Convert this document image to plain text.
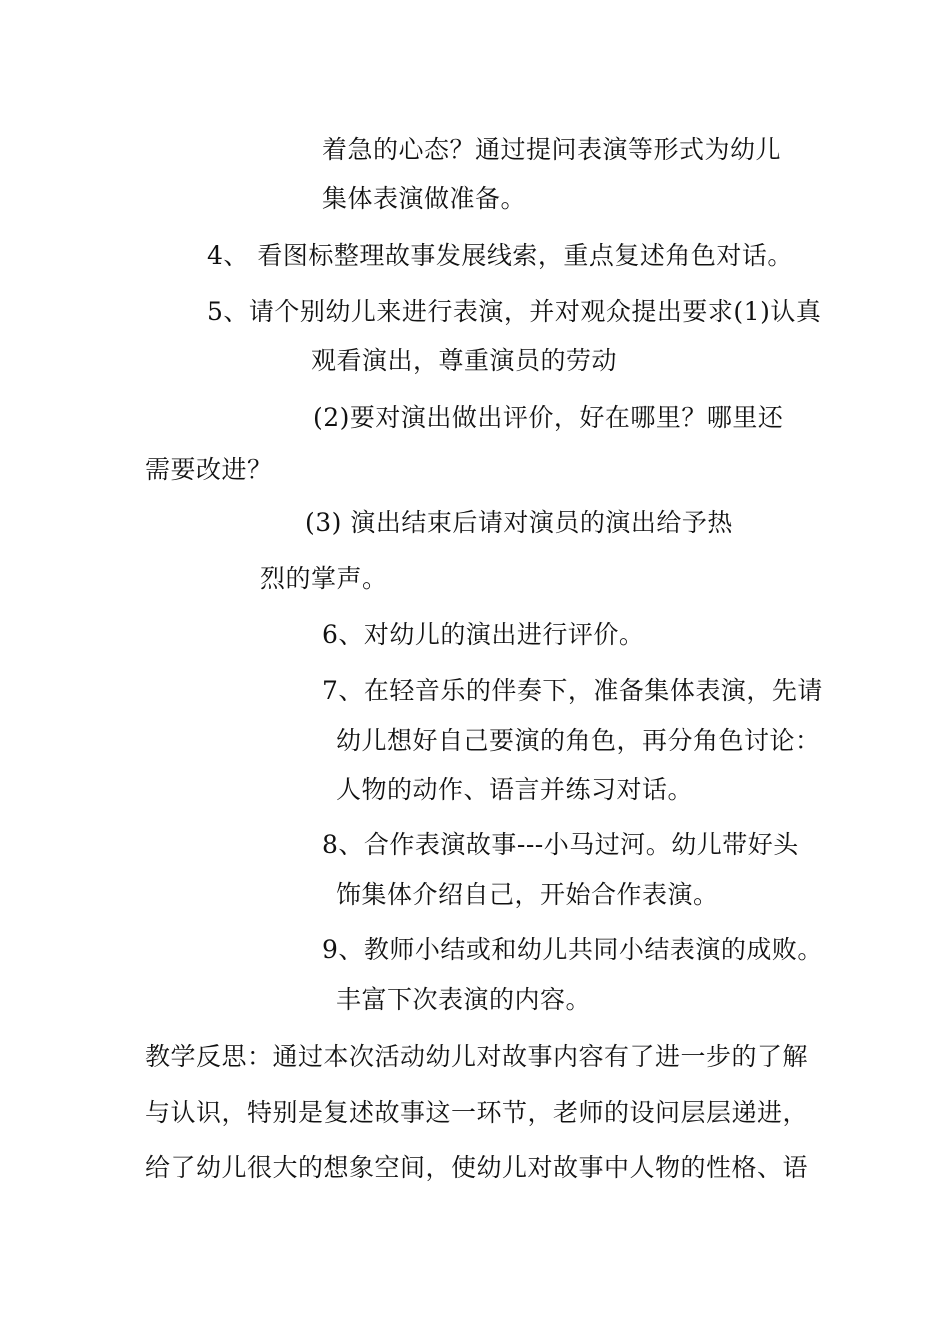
着急的心态？通过提问表演等形式为幼儿
集体表演做准备。
4、 看图标整理故事发展线索，重点复述角色对话。
5、请个别幼儿来进行表演，并对观众提出要求(1)认真
观看演出，尊重演员的劳动
(2)要对演出做出评价，好在哪里？哪里还
需要改进？
(3) 演出结束后请对演员的演出给予热
烈的掌声。
6、对幼儿的演出进行评价。
7、在轻音乐的伴奏下，准备集体表演，先请
幼儿想好自己要演的角色，再分角色讨论：
人物的动作、语言并练习对话。
8、合作表演故事---小马过河。幼儿带好头
饰集体介绍自己，开始合作表演。
9、教师小结或和幼儿共同小结表演的成败。
丰富下次表演的内容。
教学反思：通过本次活动幼儿对故事内容有了进一步的了解
与认识，特别是复述故事这一环节，老师的设问层层递进，
给了幼儿很大的想象空间，使幼儿对故事中人物的性格、语
